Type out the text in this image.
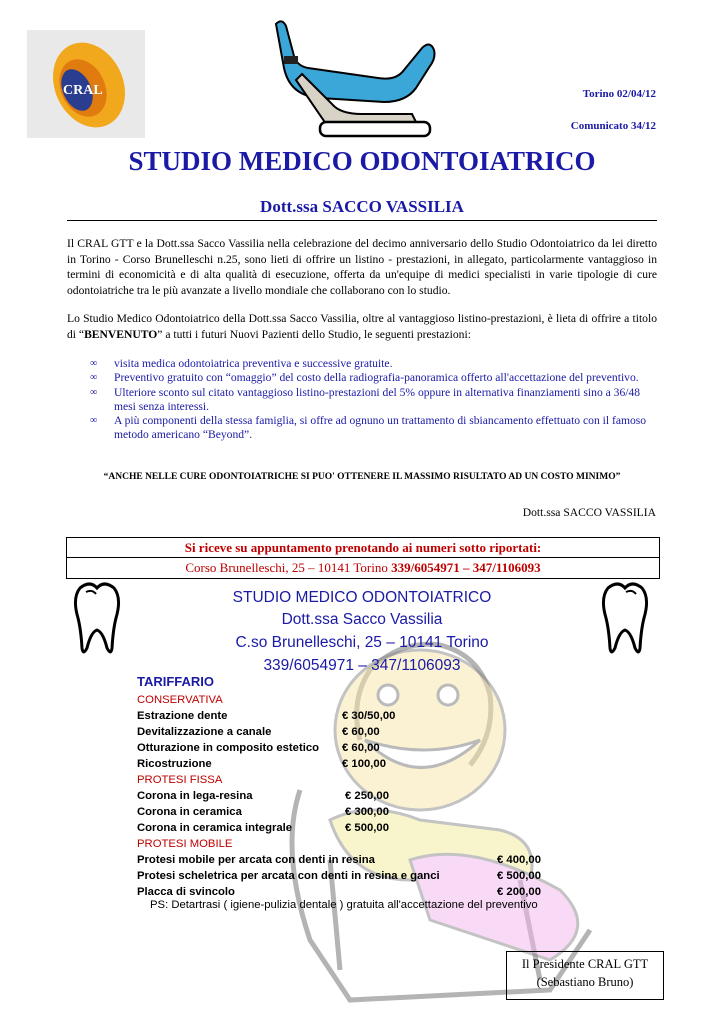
CRAL	Torino 02/04/12
Comunicato 34/12
STUDIO MEDICO ODONTOIATRICO
Dott.ssa SACCO VASSILIA
Il CRAL GTT e la Dott.ssa Sacco Vassilia nella celebrazione del decimo anniversario dello Studio Odontoiatrico da lei diretto in Torino - Corso Brunelleschi n.25, sono lieti di offrire un listino - prestazioni, in allegato, particolarmente vantaggioso in termini di economicità e di alta qualità di esecuzione, offerta da un'equipe di medici specialisti in varie tipologie di cure odontoiatriche tra le più avanzate a livello mondiale che collaborano con lo studio.
Lo Studio Medico Odontoiatrico della Dott.ssa Sacco Vassilia, oltre al vantaggioso listino-prestazioni, è lieta di offrire a titolo di “BENVENUTO” a tutti i futuri Nuovi Pazienti dello Studio, le seguenti prestazioni:
∞ visita medica odontoiatrica preventiva e successive gratuite.
∞ Preventivo gratuito con “omaggio” del costo della radiografia-panoramica offerto all'accettazione del preventivo.
∞ Ulteriore sconto sul citato vantaggioso listino-prestazioni del 5% oppure in alternativa finanziamenti sino a 36/48 mesi senza interessi.
∞ A più componenti della stessa famiglia, si offre ad ognuno un trattamento di sbiancamento effettuato con il famoso metodo americano “Beyond”.
“ANCHE NELLE CURE ODONTOIATRICHE SI PUO' OTTENERE IL MASSIMO RISULTATO AD UN COSTO MINIMO”
Dott.ssa SACCO VASSILIA
Si riceve su appuntamento prenotando ai numeri sotto riportati:
Corso Brunelleschi, 25 – 10141 Torino 339/6054971 – 347/1106093
STUDIO MEDICO ODONTOIATRICO
Dott.ssa Sacco Vassilia
C.so Brunelleschi, 25 – 10141 Torino
339/6054971 – 347/1106093
TARIFFARIO
CONSERVATIVA
Estrazione dente	€ 30/50,00
Devitalizzazione a canale	€ 60,00
Otturazione in composito estetico € 60,00
Ricostruzione	€ 100,00
PROTESI FISSA
Corona in lega-resina	€ 250,00
Corona in ceramica	€ 300,00
Corona in ceramica integrale	€ 500,00
PROTESI MOBILE
Protesi mobile per arcata con denti in resina	€ 400,00
Protesi scheletrica per arcata con denti in resina e ganci	€ 500,00
Placca di svincolo	€ 200,00
PS: Detartrasi ( igiene-pulizia dentale ) gratuita all'accettazione del preventivo
Il Presidente CRAL GTT
(Sebastiano Bruno)
